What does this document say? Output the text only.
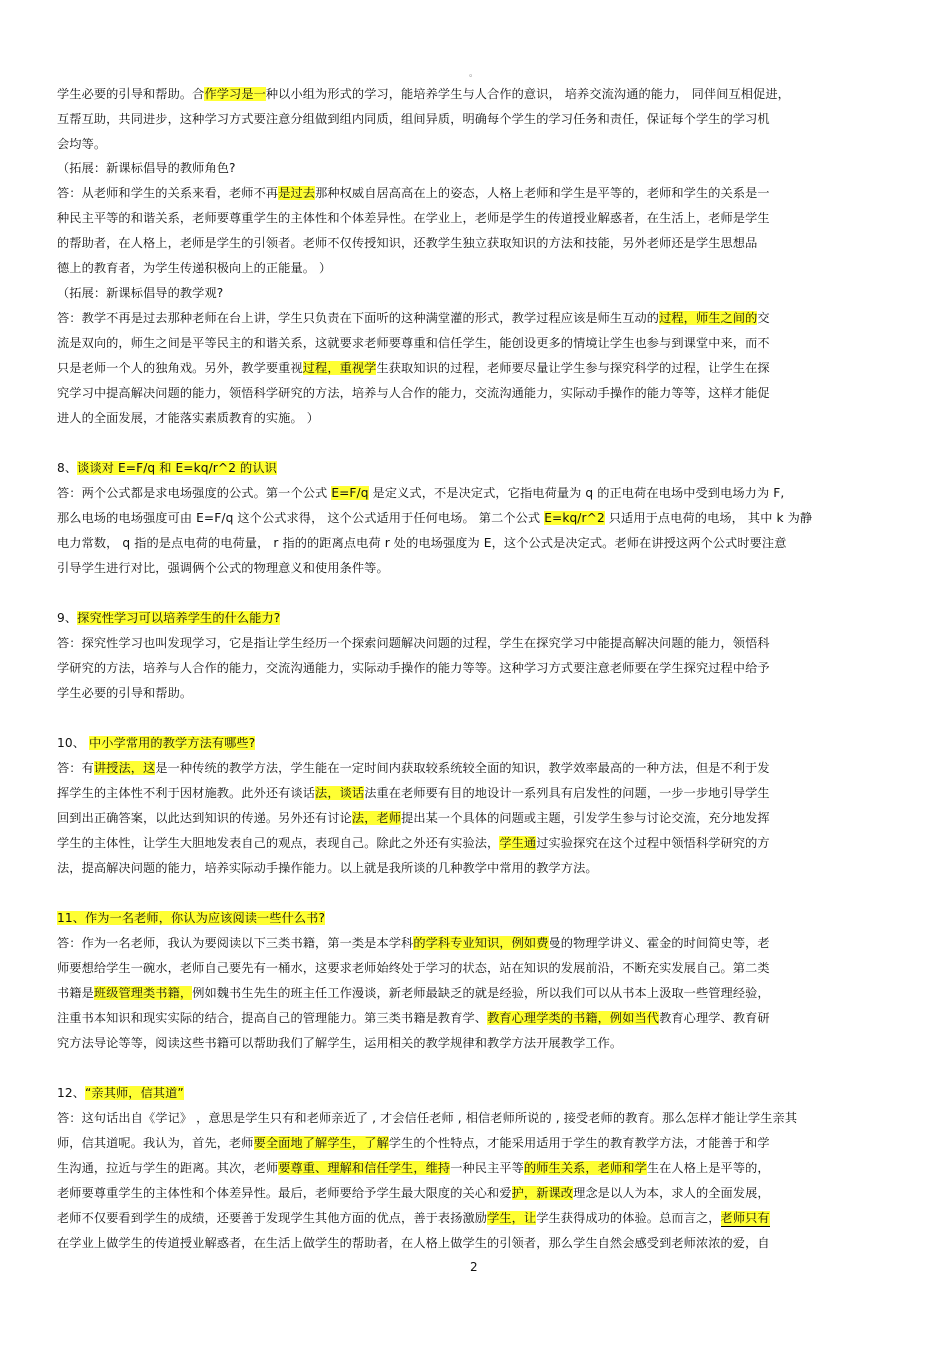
。
学生必要的引导和帮助。合作学习是一种以小组为形式的学习，能培养学生与人合作的意识， 培养交流沟通的能力， 同伴间互相促进，
互帮互助，共同进步，这种学习方式要注意分组做到组内同质，组间异质，明确每个学生的学习任务和责任，保证每个学生的学习机
会均等。
（拓展：新课标倡导的教师角色?
答：从老师和学生的关系来看，老师不再是过去那种权威自居高高在上的姿态，人格上老师和学生是平等的，老师和学生的关系是一
种民主平等的和谐关系，老师要尊重学生的主体性和个体差异性。在学业上，老师是学生的传道授业解惑者，在生活上，老师是学生
的帮助者，在人格上，老师是学生的引领者。老师不仅传授知识，还教学生独立获取知识的方法和技能，另外老师还是学生思想品
德上的教育者，为学生传递积极向上的正能量。 ）
（拓展：新课标倡导的教学观?
答：教学不再是过去那种老师在台上讲，学生只负责在下面听的这种满堂灌的形式，教学过程应该是师生互动的过程，师生之间的交
流是双向的，师生之间是平等民主的和谐关系，这就要求老师要尊重和信任学生，能创设更多的情境让学生也参与到课堂中来，而不
只是老师一个人的独角戏。另外，教学要重视过程，重视学生获取知识的过程，老师要尽量让学生参与探究科学的过程，让学生在探
究学习中提高解决问题的能力，领悟科学研究的方法，培养与人合作的能力，交流沟通能力，实际动手操作的能力等等，这样才能促
进人的全面发展，才能落实素质教育的实施。 ）
8、谈谈对 E=F/q 和 E=kq/r^2 的认识
答：两个公式都是求电场强度的公式。第一个公式 E=F/q 是定义式，不是决定式，它指电荷量为 q 的正电荷在电场中受到电场力为 F,
那么电场的电场强度可由 E=F/q 这个公式求得， 这个公式适用于任何电场。 第二个公式 E=kq/r^2 只适用于点电荷的电场， 其中 k 为静
电力常数， q 指的是点电荷的电荷量， r 指的的距离点电荷 r 处的电场强度为 E，这个公式是决定式。老师在讲授这两个公式时要注意
引导学生进行对比，强调俩个公式的物理意义和使用条件等。
9、探究性学习可以培养学生的什么能力?
答：探究性学习也叫发现学习，它是指让学生经历一个探索问题解决问题的过程，学生在探究学习中能提高解决问题的能力，领悟科
学研究的方法，培养与人合作的能力，交流沟通能力，实际动手操作的能力等等。这种学习方式要注意老师要在学生探究过程中给予
学生必要的引导和帮助。
10、 中小学常用的教学方法有哪些?
答：有讲授法，这是一种传统的教学方法，学生能在一定时间内获取较系统较全面的知识，教学效率最高的一种方法，但是不利于发
挥学生的主体性不利于因材施教。此外还有谈话法，谈话法重在老师要有目的地设计一系列具有启发性的问题，一步一步地引导学生
回到出正确答案，以此达到知识的传递。另外还有讨论法，老师提出某一个具体的问题或主题，引发学生参与讨论交流，充分地发挥
学生的主体性，让学生大胆地发表自己的观点，表现自己。除此之外还有实验法，学生通过实验探究在这个过程中领悟科学研究的方
法，提高解决问题的能力，培养实际动手操作能力。以上就是我所谈的几种教学中常用的教学方法。
11、作为一名老师，你认为应该阅读一些什么书?
答：作为一名老师，我认为要阅读以下三类书籍，第一类是本学科的学科专业知识，例如费曼的物理学讲义、霍金的时间简史等，老
师要想给学生一碗水，老师自己要先有一桶水，这要求老师始终处于学习的状态，站在知识的发展前沿，不断充实发展自己。第二类
书籍是班级管理类书籍，例如魏书生先生的班主任工作漫谈，新老师最缺乏的就是经验，所以我们可以从书本上汲取一些管理经验，
注重书本知识和现实实际的结合，提高自己的管理能力。第三类书籍是教育学、教育心理学类的书籍，例如当代教育心理学、教育研
究方法导论等等，阅读这些书籍可以帮助我们了解学生，运用相关的教学规律和教学方法开展教学工作。
12、“亲其师，信其道”
答：这句话出自《学记》 ，意思是学生只有和老师亲近了 , 才会信任老师 , 相信老师所说的 , 接受老师的教育。那么怎样才能让学生亲其
师，信其道呢。我认为，首先，老师要全面地了解学生，了解学生的个性特点，才能采用适用于学生的教育教学方法，才能善于和学
生沟通，拉近与学生的距离。其次，老师要尊重、理解和信任学生，维持一种民主平等的师生关系，老师和学生在人格上是平等的，
老师要尊重学生的主体性和个体差异性。最后，老师要给予学生最大限度的关心和爱护，新课改理念是以人为本，求人的全面发展，
老师不仅要看到学生的成绩，还要善于发现学生其他方面的优点，善于表扬激励学生，让学生获得成功的体验。总而言之，老师只有
在学业上做学生的传道授业解惑者，在生活上做学生的帮助者，在人格上做学生的引领者，那么学生自然会感受到老师浓浓的爱，自
2
